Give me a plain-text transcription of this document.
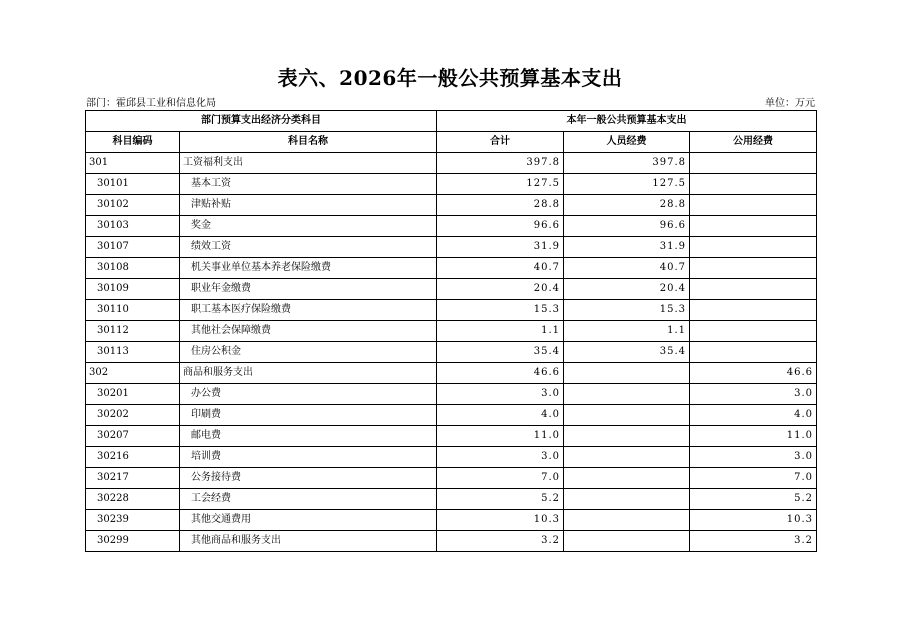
表六、2026年一般公共预算基本支出
部门：霍邱县工业和信息化局	单位：万元
部门预算支出经济分类科目		本年一般公共预算基本支出		
科目编码	科目名称	合计	人员经费	公用经费
301	工资福利支出	397.8	397.8	
30101	基本工资	127.5	127.5	
30102	津贴补贴	28.8	28.8	
30103	奖金	96.6	96.6	
30107	绩效工资	31.9	31.9	
30108	机关事业单位基本养老保险缴费	40.7	40.7	
30109	职业年金缴费	20.4	20.4	
30110	职工基本医疗保险缴费	15.3	15.3	
30112	其他社会保障缴费	1.1	1.1	
30113	住房公积金	35.4	35.4	
302	商品和服务支出	46.6		46.6
30201	办公费	3.0		3.0
30202	印刷费	4.0		4.0
30207	邮电费	11.0		11.0
30216	培训费	3.0		3.0
30217	公务接待费	7.0		7.0
30228	工会经费	5.2		5.2
30239	其他交通费用	10.3		10.3
30299	其他商品和服务支出	3.2		3.2
